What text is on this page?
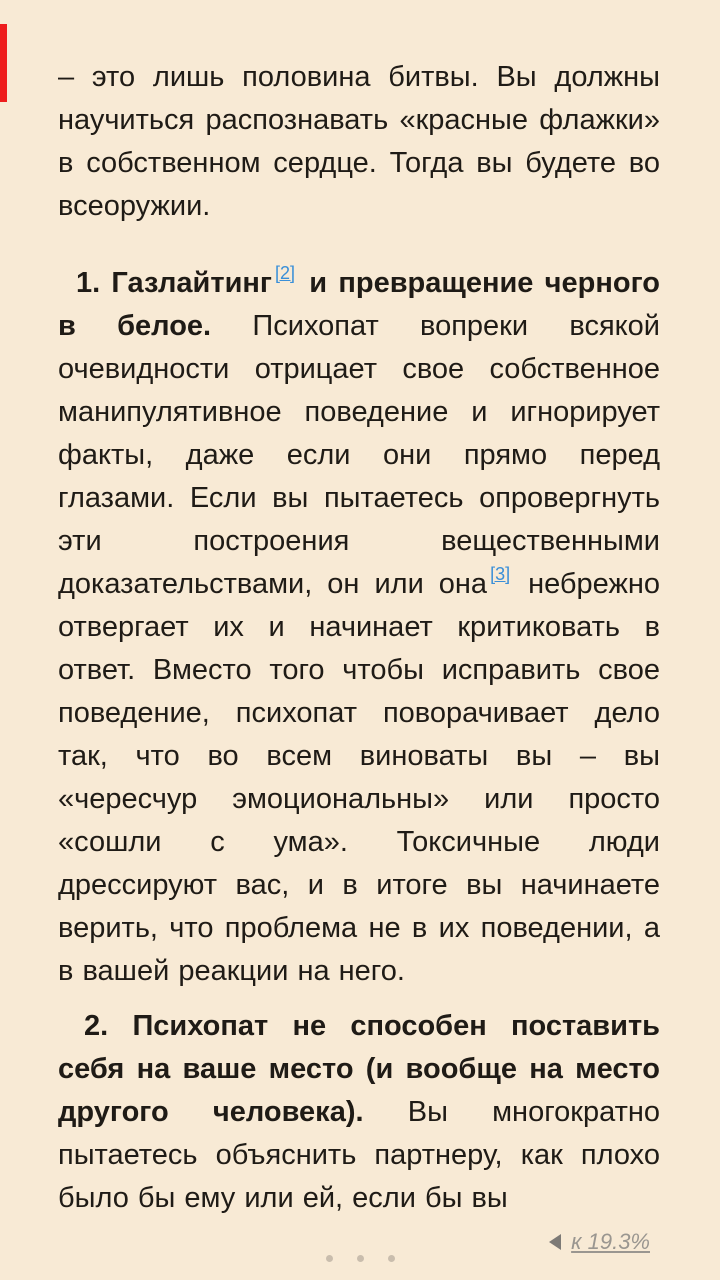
– это лишь половина битвы. Вы должны научиться распознавать «красные флажки» в собственном сердце. Тогда вы будете во всеоружии.

1. Газлайтинг [2] и превращение черного в белое. Психопат вопреки всякой очевидности отрицает свое собственное манипулятивное поведение и игнорирует факты, даже если они прямо перед глазами. Если вы пытаетесь опровергнуть эти построения вещественными доказательствами, он или она [3] небрежно отвергает их и начинает критиковать в ответ. Вместо того чтобы исправить свое поведение, психопат поворачивает дело так, что во всем виноваты вы – вы «чересчур эмоциональны» или просто «сошли с ума». Токсичные люди дрессируют вас, и в итоге вы начинаете верить, что проблема не в их поведении, а в вашей реакции на него.

2. Психопат не способен поставить себя на ваше место (и вообще на место другого человека). Вы многократно пытаетесь объяснить партнеру, как плохо было бы ему или ей, если бы вы

к 19.3%
